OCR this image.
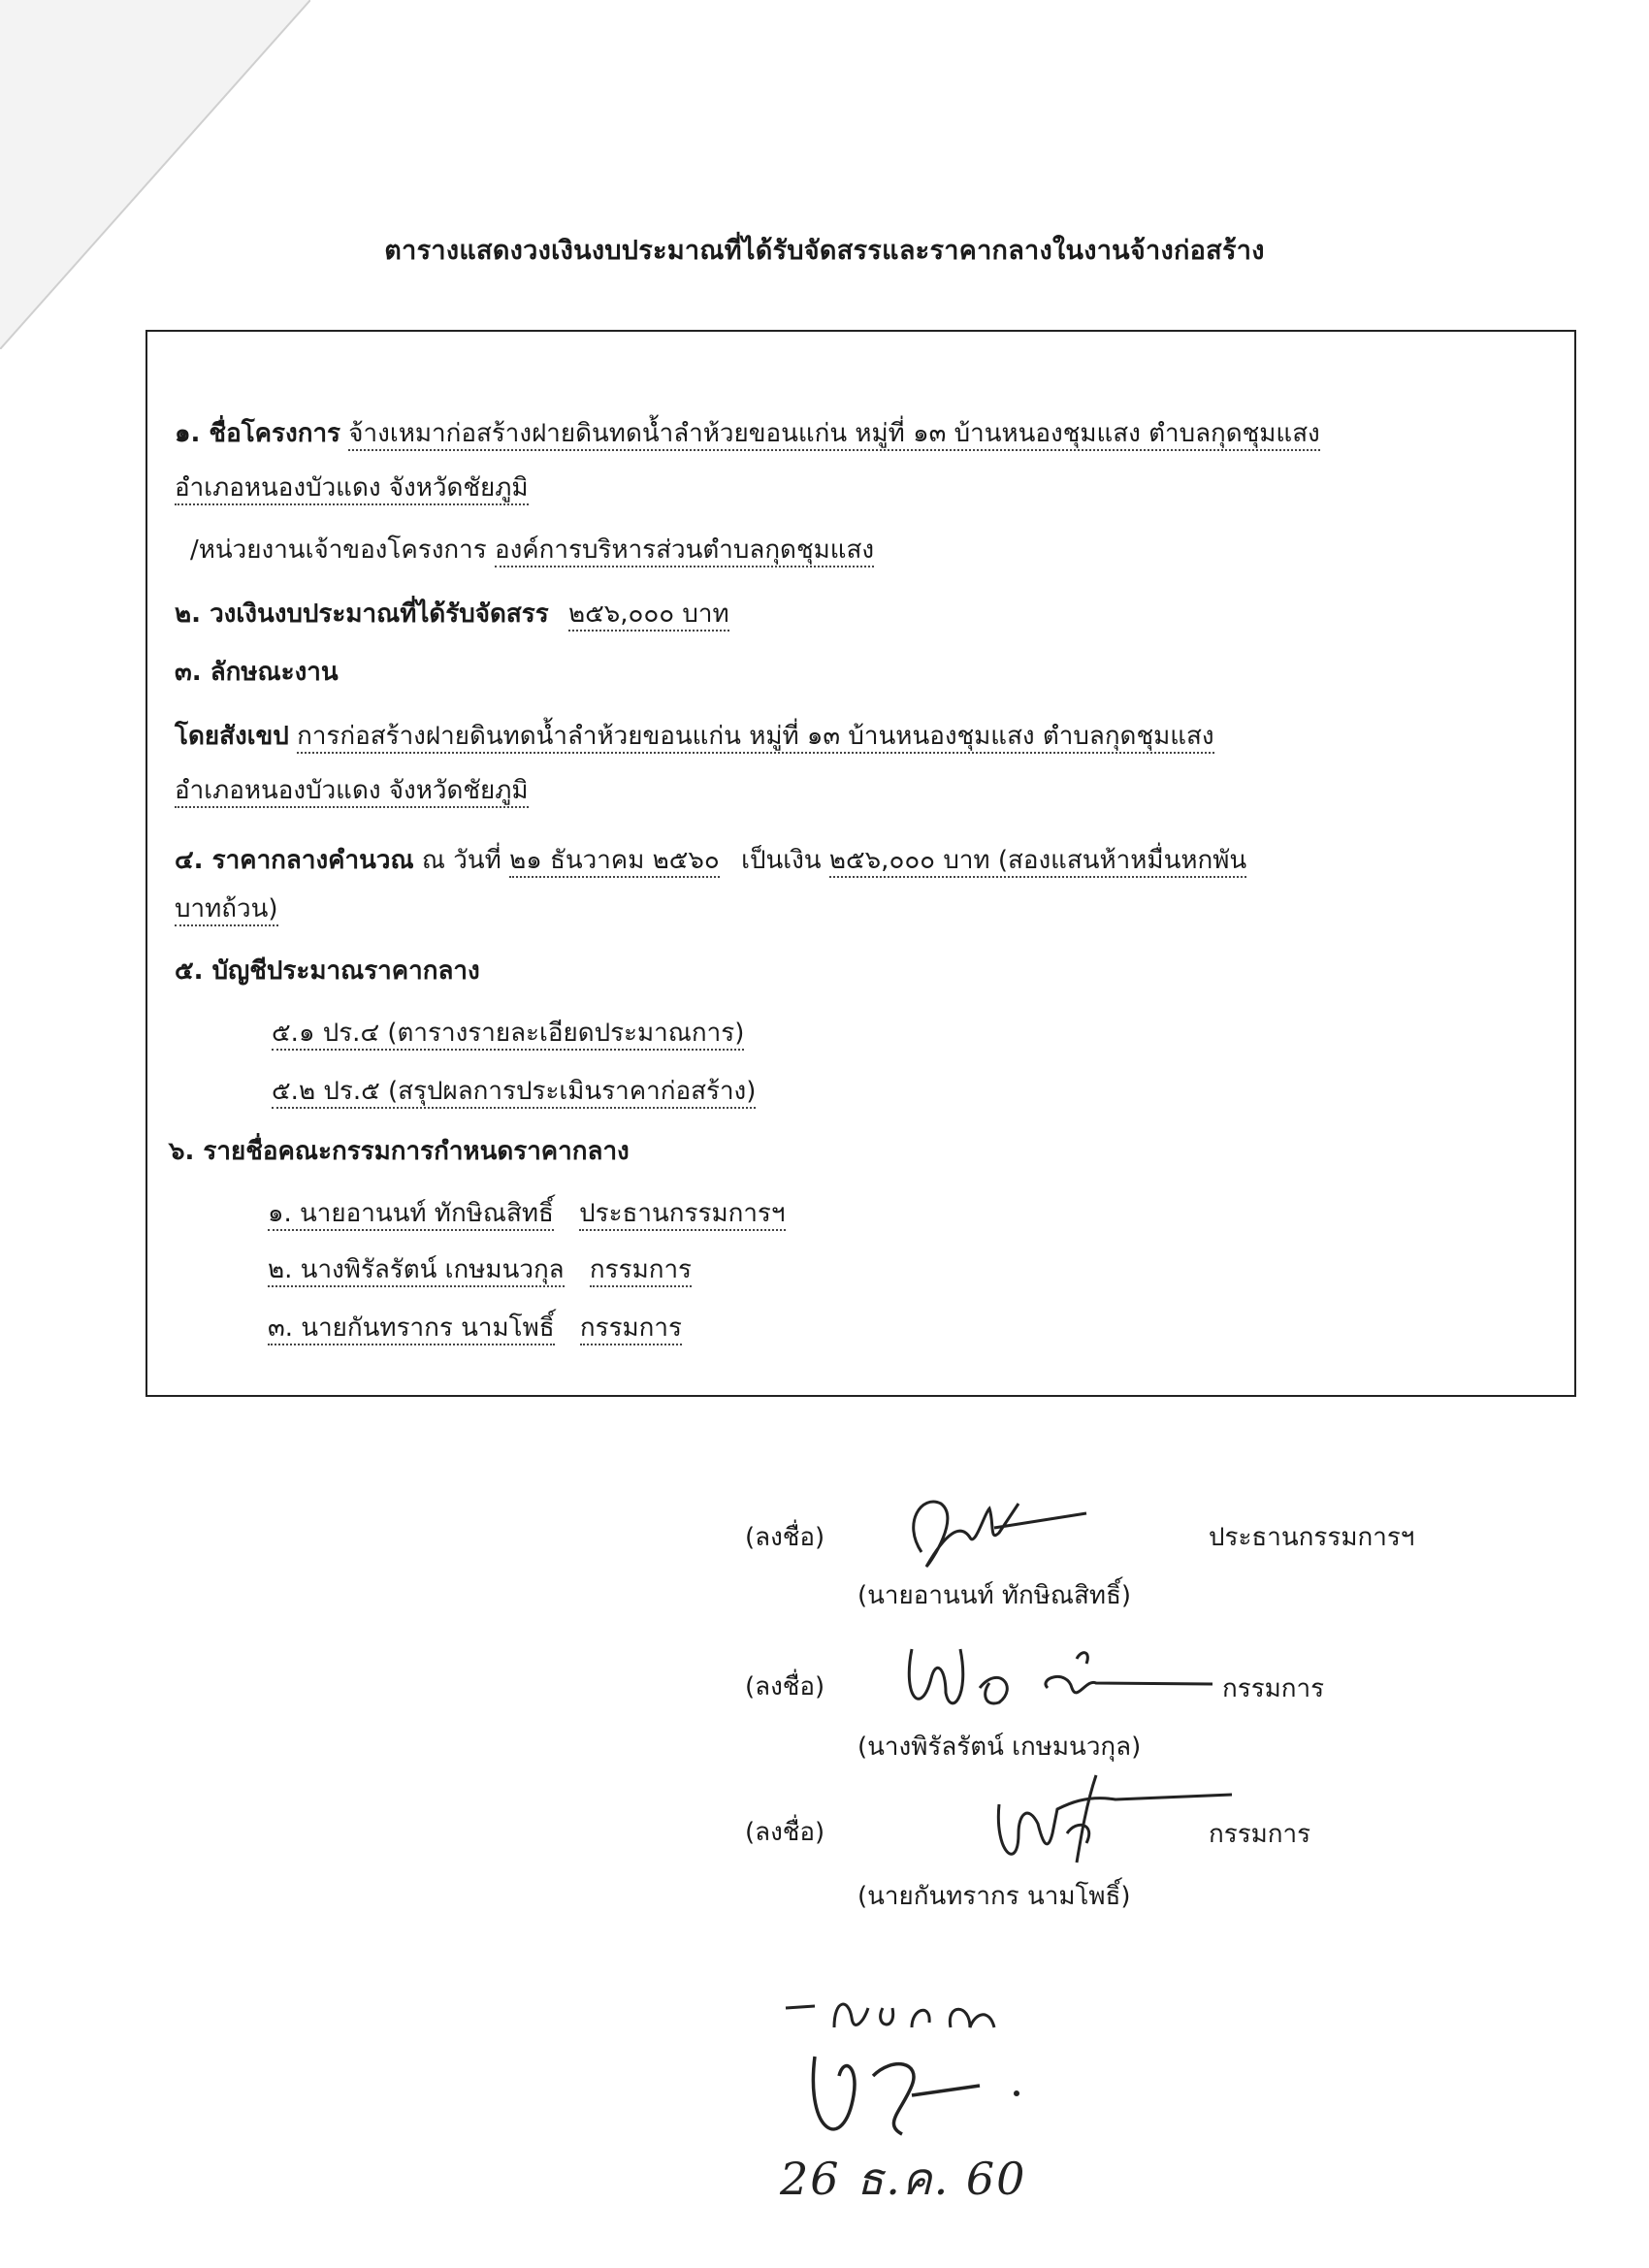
ตารางแสดงวงเงินงบประมาณที่ได้รับจัดสรรและราคากลางในงานจ้างก่อสร้าง
๑. ชื่อโครงการ จ้างเหมาก่อสร้างฝายดินทดน้ำลำห้วยขอนแก่น หมู่ที่ ๑๓ บ้านหนองชุมแสง ตำบลกุดชุมแสง
อำเภอหนองบัวแดง จังหวัดชัยภูมิ
/หน่วยงานเจ้าของโครงการ องค์การบริหารส่วนตำบลกุดชุมแสง
๒. วงเงินงบประมาณที่ได้รับจัดสรร ๒๕๖,๐๐๐ บาท
๓. ลักษณะงาน
โดยสังเขป การก่อสร้างฝายดินทดน้ำลำห้วยขอนแก่น หมู่ที่ ๑๓ บ้านหนองชุมแสง ตำบลกุดชุมแสง
อำเภอหนองบัวแดง จังหวัดชัยภูมิ
๔. ราคากลางคำนวณ ณ วันที่ ๒๑ ธันวาคม ๒๕๖๐ เป็นเงิน ๒๕๖,๐๐๐ บาท (สองแสนห้าหมื่นหกพัน
บาทถ้วน)
๕. บัญชีประมาณราคากลาง
๕.๑ ปร.๔ (ตารางรายละเอียดประมาณการ)
๕.๒ ปร.๕ (สรุปผลการประเมินราคาก่อสร้าง)
๖. รายชื่อคณะกรรมการกำหนดราคากลาง
๑. นายอานนท์ ทักษิณสิทธิ์ ประธานกรรมการฯ
๒. นางพิรัลรัตน์ เกษมนวกุล กรรมการ
๓. นายกันทรากร นามโพธิ์ กรรมการ
(ลงชื่อ)	ประธานกรรมการฯ
(นายอานนท์ ทักษิณสิทธิ์)
(ลงชื่อ)	กรรมการ
(นางพิรัลรัตน์ เกษมนวกุล)
(ลงชื่อ)	กรรมการ
(นายกันทรากร นามโพธิ์)
26 ธ.ค. 60
